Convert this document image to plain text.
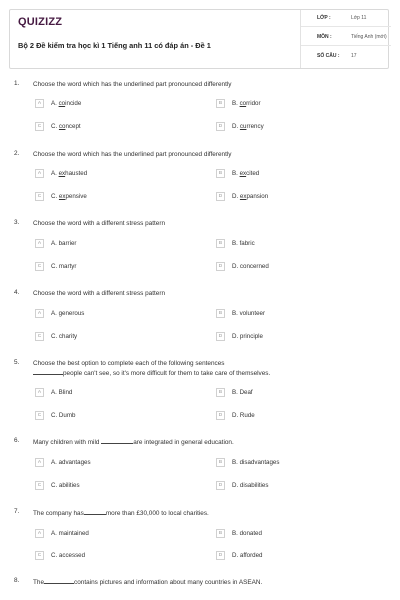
QUIZIZZ
Bộ 2 Đề kiểm tra học kì 1 Tiếng anh 11 có đáp án - Đề 1
LỚP :	Lớp 11
MÔN :	Tiếng Anh (mới)
SỐ CÂU : 17
1. Choose the word which has the underlined part pronounced differently
A	A. coincide	B	B. corridor
C	C. concept	D	D. currency
2. Choose the word which has the underlined part pronounced differently
A	A. exhausted	B	B. excited
C	C. expensive	D	D. expansion
3. Choose the word with a different stress pattern
A	A. barrier	B	B. fabric
C	C. martyr	D	D. concerned
4. Choose the word with a different stress pattern
A	A. generous	B	B. volunteer
C	C. charity	D	D. principle
5. Choose the best option to complete each of the following sentences
people can't see, so it's more difficult for them to take care of themselves.
A	A. Blind	B	B. Deaf
C	C. Dumb	D	D. Rude
6. Many children with mild	are integrated in general education.
A	A. advantages	B	B. disadvantages
C	C. abilities	D	D. disabilities
7. The company has	more than £30,000 to local charities.
A	A. maintained	B	B. donated
C	C. accessed	D	D. afforded
8. The	contains pictures and information about many countries in ASEAN.
